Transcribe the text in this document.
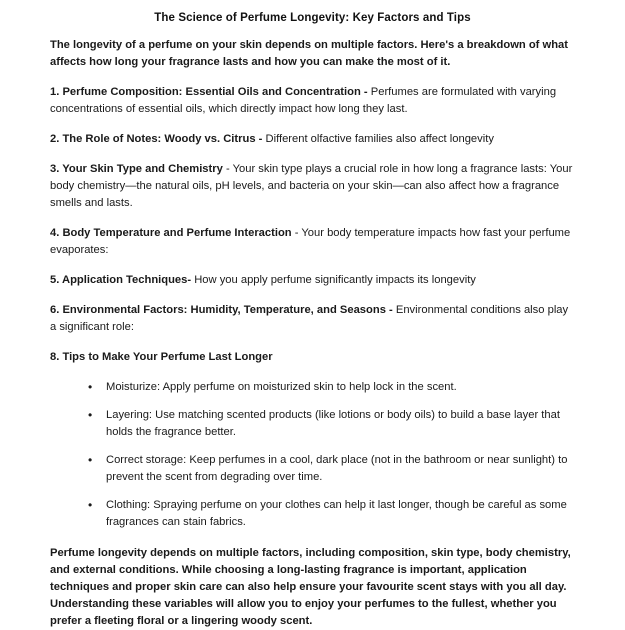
The Science of Perfume Longevity: Key Factors and Tips

The longevity of a perfume on your skin depends on multiple factors. Here's a breakdown of what affects how long your fragrance lasts and how you can make the most of it.

1. Perfume Composition: Essential Oils and Concentration - Perfumes are formulated with varying concentrations of essential oils, which directly impact how long they last.

2. The Role of Notes: Woody vs. Citrus - Different olfactive families also affect longevity

3. Your Skin Type and Chemistry - Your skin type plays a crucial role in how long a fragrance lasts: Your body chemistry—the natural oils, pH levels, and bacteria on your skin—can also affect how a fragrance smells and lasts.

4. Body Temperature and Perfume Interaction - Your body temperature impacts how fast your perfume evaporates:

5. Application Techniques- How you apply perfume significantly impacts its longevity

6. Environmental Factors: Humidity, Temperature, and Seasons - Environmental conditions also play a significant role:

8. Tips to Make Your Perfume Last Longer

• Moisturize: Apply perfume on moisturized skin to help lock in the scent.
• Layering: Use matching scented products (like lotions or body oils) to build a base layer that holds the fragrance better.
• Correct storage: Keep perfumes in a cool, dark place (not in the bathroom or near sunlight) to prevent the scent from degrading over time.
• Clothing: Spraying perfume on your clothes can help it last longer, though be careful as some fragrances can stain fabrics.

Perfume longevity depends on multiple factors, including composition, skin type, body chemistry, and external conditions. While choosing a long-lasting fragrance is important, application techniques and proper skin care can also help ensure your favourite scent stays with you all day. Understanding these variables will allow you to enjoy your perfumes to the fullest, whether you prefer a fleeting floral or a lingering woody scent.
